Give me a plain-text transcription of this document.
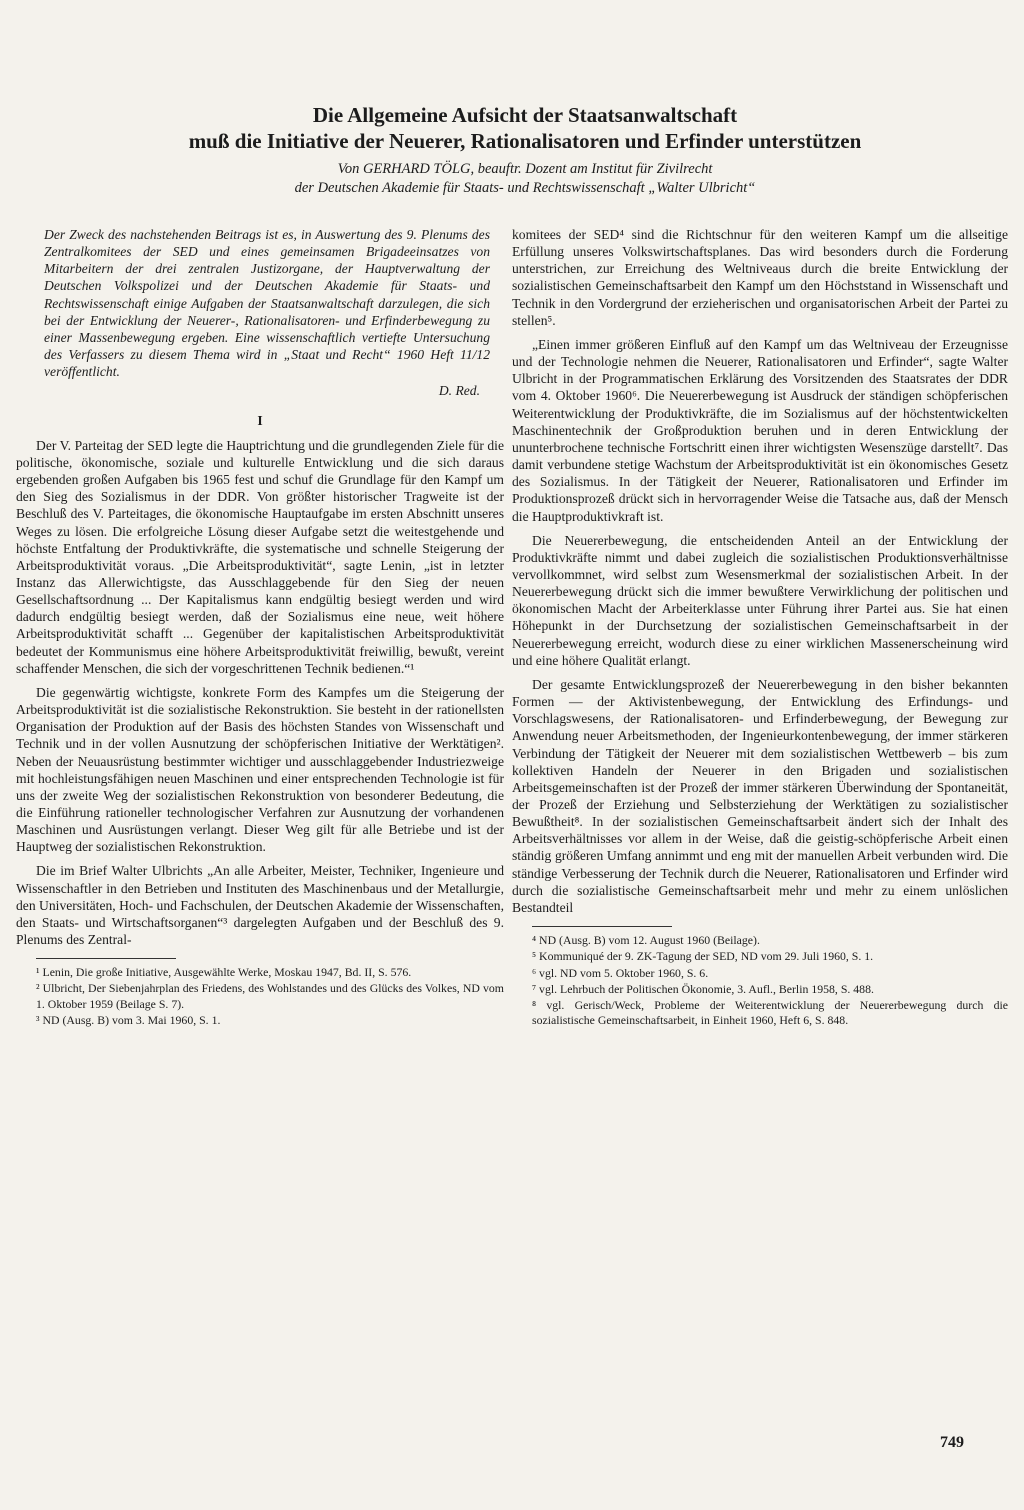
Die Allgemeine Aufsicht der Staatsanwaltschaft
muß die Initiative der Neuerer, Rationalisatoren und Erfinder unterstützen
Von GERHARD TÖLG, beauftr. Dozent am Institut für Zivilrecht
der Deutschen Akademie für Staats- und Rechtswissenschaft „Walter Ulbricht“

Der Zweck des nachstehenden Beitrags ist es, in Auswertung des 9. Plenums des Zentralkomitees der SED und eines gemeinsamen Brigadeeinsatzes von Mitarbeitern der drei zentralen Justizorgane, der Hauptverwaltung der Deutschen Volkspolizei und der Deutschen Akademie für Staats- und Rechtswissenschaft einige Aufgaben der Staatsanwaltschaft darzulegen, die sich bei der Entwicklung der Neuerer-, Rationalisatoren- und Erfinderbewegung zu einer Massenbewegung ergeben. Eine wissenschaftlich vertiefte Untersuchung des Verfassers zu diesem Thema wird in „Staat und Recht“ 1960 Heft 11/12 veröffentlicht.

D. Red.
I

Der V. Parteitag der SED legte die Hauptrichtung und die grundlegenden Ziele für die politische, ökonomische, soziale und kulturelle Entwicklung und die sich daraus ergebenden großen Aufgaben bis 1965 fest und schuf die Grundlage für den Kampf um den Sieg des Sozialismus in der DDR. Von größter historischer Tragweite ist der Beschluß des V. Parteitages, die ökonomische Hauptaufgabe im ersten Abschnitt unseres Weges zu lösen. Die erfolgreiche Lösung dieser Aufgabe setzt die weitestgehende und höchste Entfaltung der Produktivkräfte, die systematische und schnelle Steigerung der Arbeitsproduktivität voraus. „Die Arbeitsproduktivität“, sagte Lenin, „ist in letzter Instanz das Allerwichtigste, das Ausschlaggebende für den Sieg der neuen Gesellschaftsordnung ... Der Kapitalismus kann endgültig besiegt werden und wird dadurch endgültig besiegt werden, daß der Sozialismus eine neue, weit höhere Arbeitsproduktivität schafft ... Gegenüber der kapitalistischen Arbeitsproduktivität bedeutet der Kommunismus eine höhere Arbeitsproduktivität freiwillig, bewußt, vereint schaffender Menschen, die sich der vorgeschrittenen Technik bedienen.“¹

Die gegenwärtig wichtigste, konkrete Form des Kampfes um die Steigerung der Arbeitsproduktivität ist die sozialistische Rekonstruktion. Sie besteht in der rationellsten Organisation der Produktion auf der Basis des höchsten Standes von Wissenschaft und Technik und in der vollen Ausnutzung der schöpferischen Initiative der Werktätigen². Neben der Neuausrüstung bestimmter wichtiger und ausschlaggebender Industriezweige mit hochleistungsfähigen neuen Maschinen und einer entsprechenden Technologie ist für uns der zweite Weg der sozialistischen Rekonstruktion von besonderer Bedeutung, die die Einführung rationeller technologischer Verfahren zur Ausnutzung der vorhandenen Maschinen und Ausrüstungen verlangt. Dieser Weg gilt für alle Betriebe und ist der Hauptweg der sozialistischen Rekonstruktion.

Die im Brief Walter Ulbrichts „An alle Arbeiter, Meister, Techniker, Ingenieure und Wissenschaftler in den Betrieben und Instituten des Maschinenbaus und der Metallurgie, den Universitäten, Hoch- und Fachschulen, der Deutschen Akademie der Wissenschaften, den Staats- und Wirtschaftsorganen“³ dargelegten Aufgaben und der Beschluß des 9. Plenums des Zentral-

¹ Lenin, Die große Initiative, Ausgewählte Werke, Moskau 1947, Bd. II, S. 576.

² Ulbricht, Der Siebenjahrplan des Friedens, des Wohlstandes und des Glücks des Volkes, ND vom 1. Oktober 1959 (Beilage S. 7).

³ ND (Ausg. B) vom 3. Mai 1960, S. 1.

komitees der SED⁴ sind die Richtschnur für den weiteren Kampf um die allseitige Erfüllung unseres Volkswirtschaftsplanes. Das wird besonders durch die Forderung unterstrichen, zur Erreichung des Weltniveaus durch die breite Entwicklung der sozialistischen Gemeinschaftsarbeit den Kampf um den Höchststand in Wissenschaft und Technik in den Vordergrund der erzieherischen und organisatorischen Arbeit der Partei zu stellen⁵.

„Einen immer größeren Einfluß auf den Kampf um das Weltniveau der Erzeugnisse und der Technologie nehmen die Neuerer, Rationalisatoren und Erfinder“, sagte Walter Ulbricht in der Programmatischen Erklärung des Vorsitzenden des Staatsrates der DDR vom 4. Oktober 1960⁶. Die Neuererbewegung ist Ausdruck der ständigen schöpferischen Weiterentwicklung der Produktivkräfte, die im Sozialismus auf der höchstentwickelten Maschinentechnik der Großproduktion beruhen und in deren Entwicklung der ununterbrochene technische Fortschritt einen ihrer wichtigsten Wesenszüge darstellt⁷. Das damit verbundene stetige Wachstum der Arbeitsproduktivität ist ein ökonomisches Gesetz des Sozialismus. In der Tätigkeit der Neuerer, Rationalisatoren und Erfinder im Produktionsprozeß drückt sich in hervorragender Weise die Tatsache aus, daß der Mensch die Hauptproduktivkraft ist.

Die Neuererbewegung, die entscheidenden Anteil an der Entwicklung der Produktivkräfte nimmt und dabei zugleich die sozialistischen Produktionsverhältnisse vervollkommnet, wird selbst zum Wesensmerkmal der sozialistischen Arbeit. In der Neuererbewegung drückt sich die immer bewußtere Verwirklichung der politischen und ökonomischen Macht der Arbeiterklasse unter Führung ihrer Partei aus. Sie hat einen Höhepunkt in der Durchsetzung der sozialistischen Gemeinschaftsarbeit in der Neuererbewegung erreicht, wodurch diese zu einer wirklichen Massenerscheinung wird und eine höhere Qualität erlangt.

Der gesamte Entwicklungsprozeß der Neuererbewegung in den bisher bekannten Formen — der Aktivistenbewegung, der Entwicklung des Erfindungs- und Vorschlagswesens, der Rationalisatoren- und Erfinderbewegung, der Bewegung zur Anwendung neuer Arbeitsmethoden, der Ingenieurkontenbewegung, der immer stärkeren Verbindung der Tätigkeit der Neuerer mit dem sozialistischen Wettbewerb – bis zum kollektiven Handeln der Neuerer in den Brigaden und sozialistischen Arbeitsgemeinschaften ist der Prozeß der immer stärkeren Überwindung der Spontaneität, der Prozeß der Erziehung und Selbsterziehung der Werktätigen zu sozialistischer Bewußtheit⁸. In der sozialistischen Gemeinschaftsarbeit ändert sich der Inhalt des Arbeitsverhältnisses vor allem in der Weise, daß die geistig-schöpferische Arbeit einen ständig größeren Umfang annimmt und eng mit der manuellen Arbeit verbunden wird. Die ständige Verbesserung der Technik durch die Neuerer, Rationalisatoren und Erfinder wird durch die sozialistische Gemeinschaftsarbeit mehr und mehr zu einem unlöslichen Bestandteil

⁴ ND (Ausg. B) vom 12. August 1960 (Beilage).

⁵ Kommuniqué der 9. ZK-Tagung der SED, ND vom 29. Juli 1960, S. 1.

⁶ vgl. ND vom 5. Oktober 1960, S. 6.

⁷ vgl. Lehrbuch der Politischen Ökonomie, 3. Aufl., Berlin 1958, S. 488.

⁸ vgl. Gerisch/Weck, Probleme der Weiterentwicklung der Neuererbewegung durch die sozialistische Gemeinschaftsarbeit, in Einheit 1960, Heft 6, S. 848.

749
